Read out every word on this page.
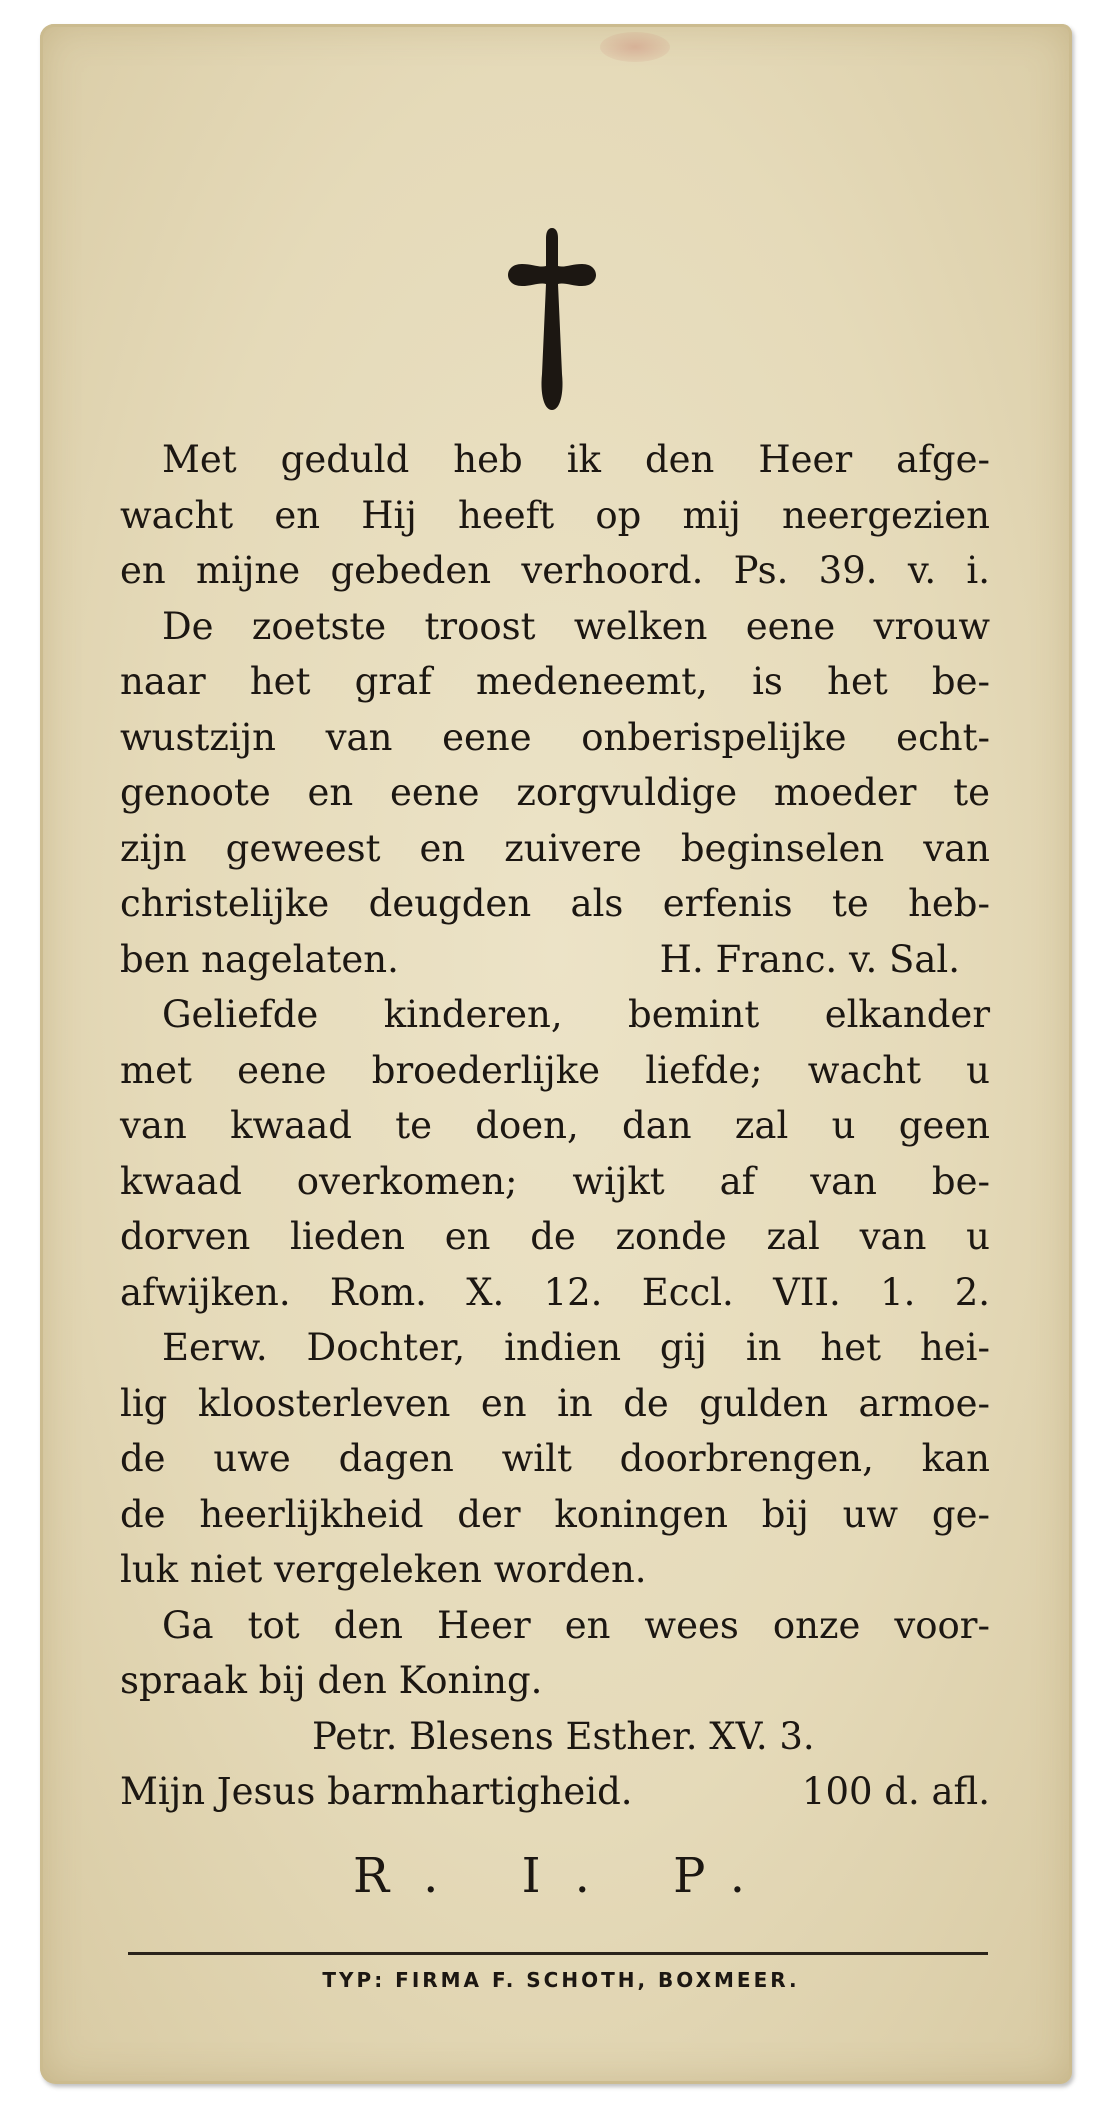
Met geduld heb ik den Heer afge-
wacht en Hij heeft op mij neergezien
en mijne gebeden verhoord. Ps. 39. v. i.
De zoetste troost welken eene vrouw
naar het graf medeneemt, is het be-
wustzijn van eene onberispelijke echt-
genoote en eene zorgvuldige moeder te
zijn geweest en zuivere beginselen van
christelijke deugden als erfenis te heb-
ben nagelaten.	H. Franc. v. Sal.
Geliefde kinderen, bemint elkander
met eene broederlijke liefde; wacht u
van kwaad te doen, dan zal u geen
kwaad overkomen; wijkt af van be-
dorven lieden en de zonde zal van u
afwijken. Rom. X. 12. Eccl. VII. 1. 2.
Eerw. Dochter, indien gij in het hei-
lig kloosterleven en in de gulden armoe-
de uwe dagen wilt doorbrengen, kan
de heerlijkheid der koningen bij uw ge-
luk niet vergeleken worden.
Ga tot den Heer en wees onze voor-
spraak bij den Koning.
Petr. Blesens Esther. XV. 3.
Mijn Jesus barmhartigheid.	100 d. afl.
R. I. P.
TYP: FIRMA F. SCHOTH, BOXMEER.
